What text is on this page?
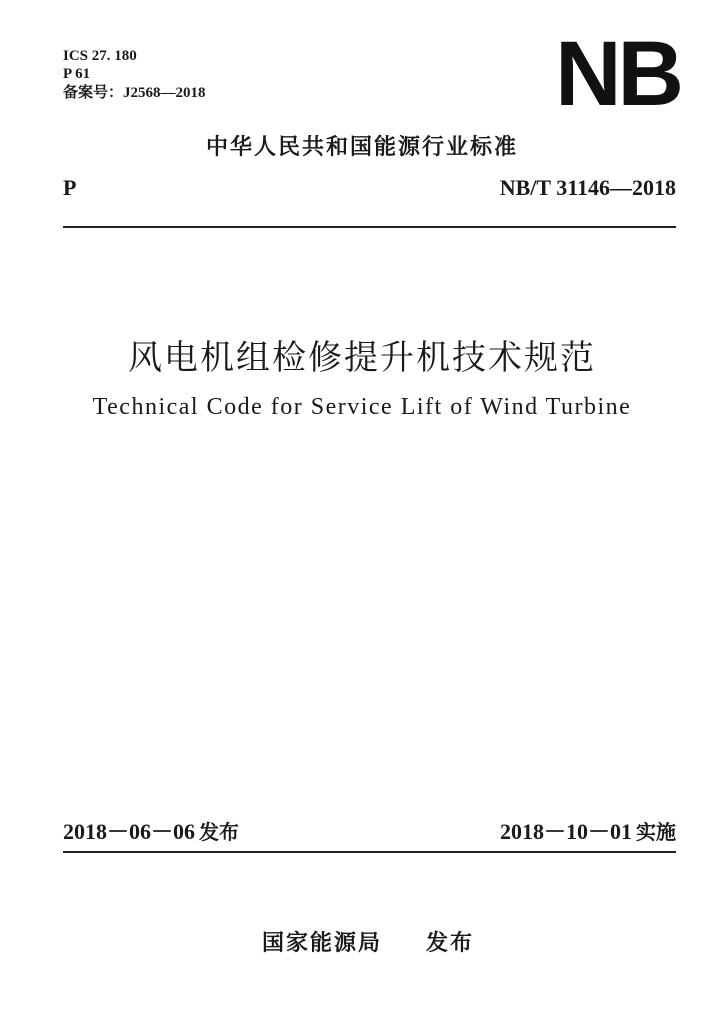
ICS 27. 180
P 61
备案号：J2568—2018	NB
中华人民共和国能源行业标准
P	NB/T 31146—2018
风电机组检修提升机技术规范
Technical Code for Service Lift of Wind Turbine
2018－06－06 发布	2018－10－01 实施
国家能源局 发布
